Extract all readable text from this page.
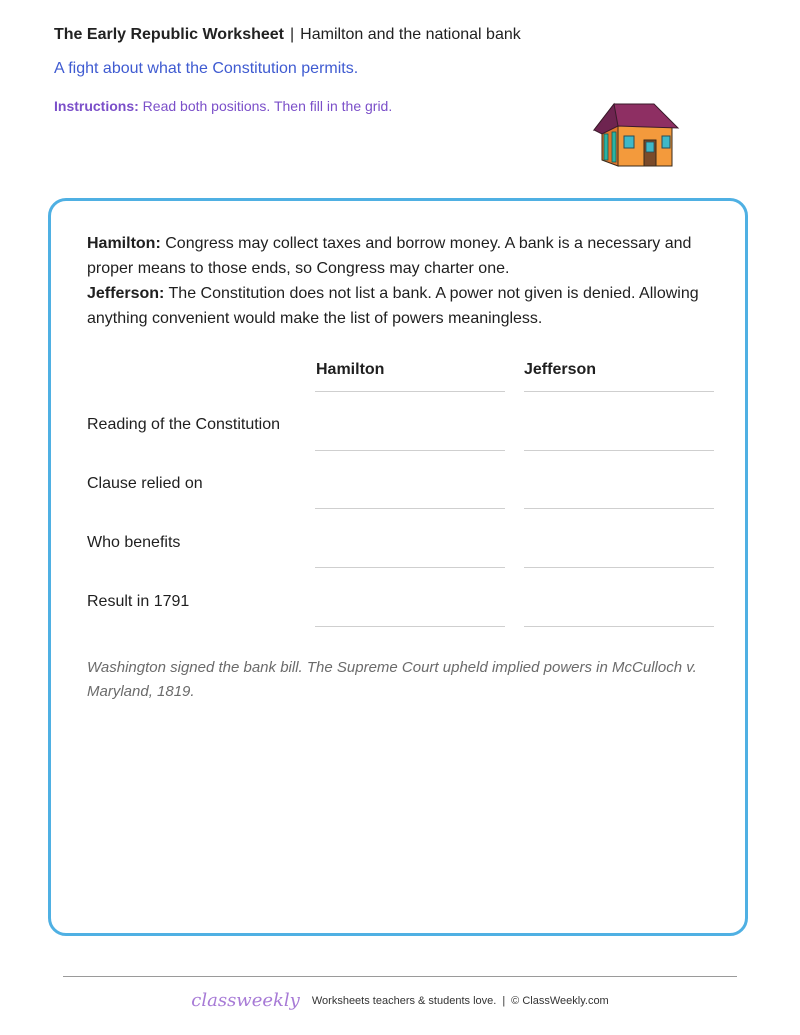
The Early Republic Worksheet | Hamilton and the national bank
A fight about what the Constitution permits.
Instructions: Read both positions. Then fill in the grid.

Hamilton: Congress may collect taxes and borrow money. A bank is a necessary and proper means to those ends, so Congress may charter one.

Jefferson: The Constitution does not list a bank. A power not given is denied. Allowing anything convenient would make the list of powers meaningless.

Hamilton	Jefferson
Reading of the Constitution
Clause relied on
Who benefits
Result in 1791
Washington signed the bank bill. The Supreme Court upheld implied powers in McCulloch v. Maryland, 1819.
classweekly Worksheets teachers & students love. | © ClassWeekly.com
